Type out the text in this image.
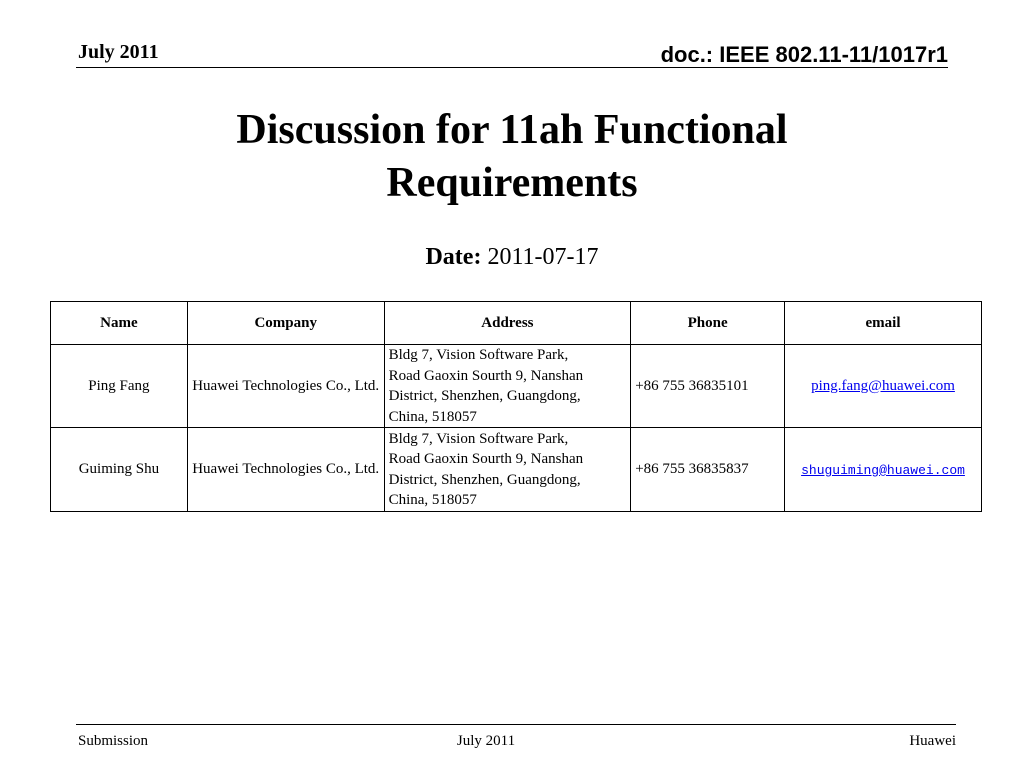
July 2011	doc.: IEEE 802.11-11/1017r1
Discussion for 11ah Functional
Requirements
Date: 2011-07-17
Name	Company	Address	Phone	email
Ping Fang	Huawei Technologies Co., Ltd.	Bldg 7, Vision Software Park,
Road Gaoxin Sourth 9, Nanshan
District, Shenzhen, Guangdong,
China, 518057	+86 755 36835101	ping.fang@huawei.com
Guiming Shu	Huawei Technologies Co., Ltd.	Bldg 7, Vision Software Park,
Road Gaoxin Sourth 9, Nanshan
District, Shenzhen, Guangdong,
China, 518057	+86 755 36835837	shuguiming@huawei.com
Submission	July 2011	Huawei
